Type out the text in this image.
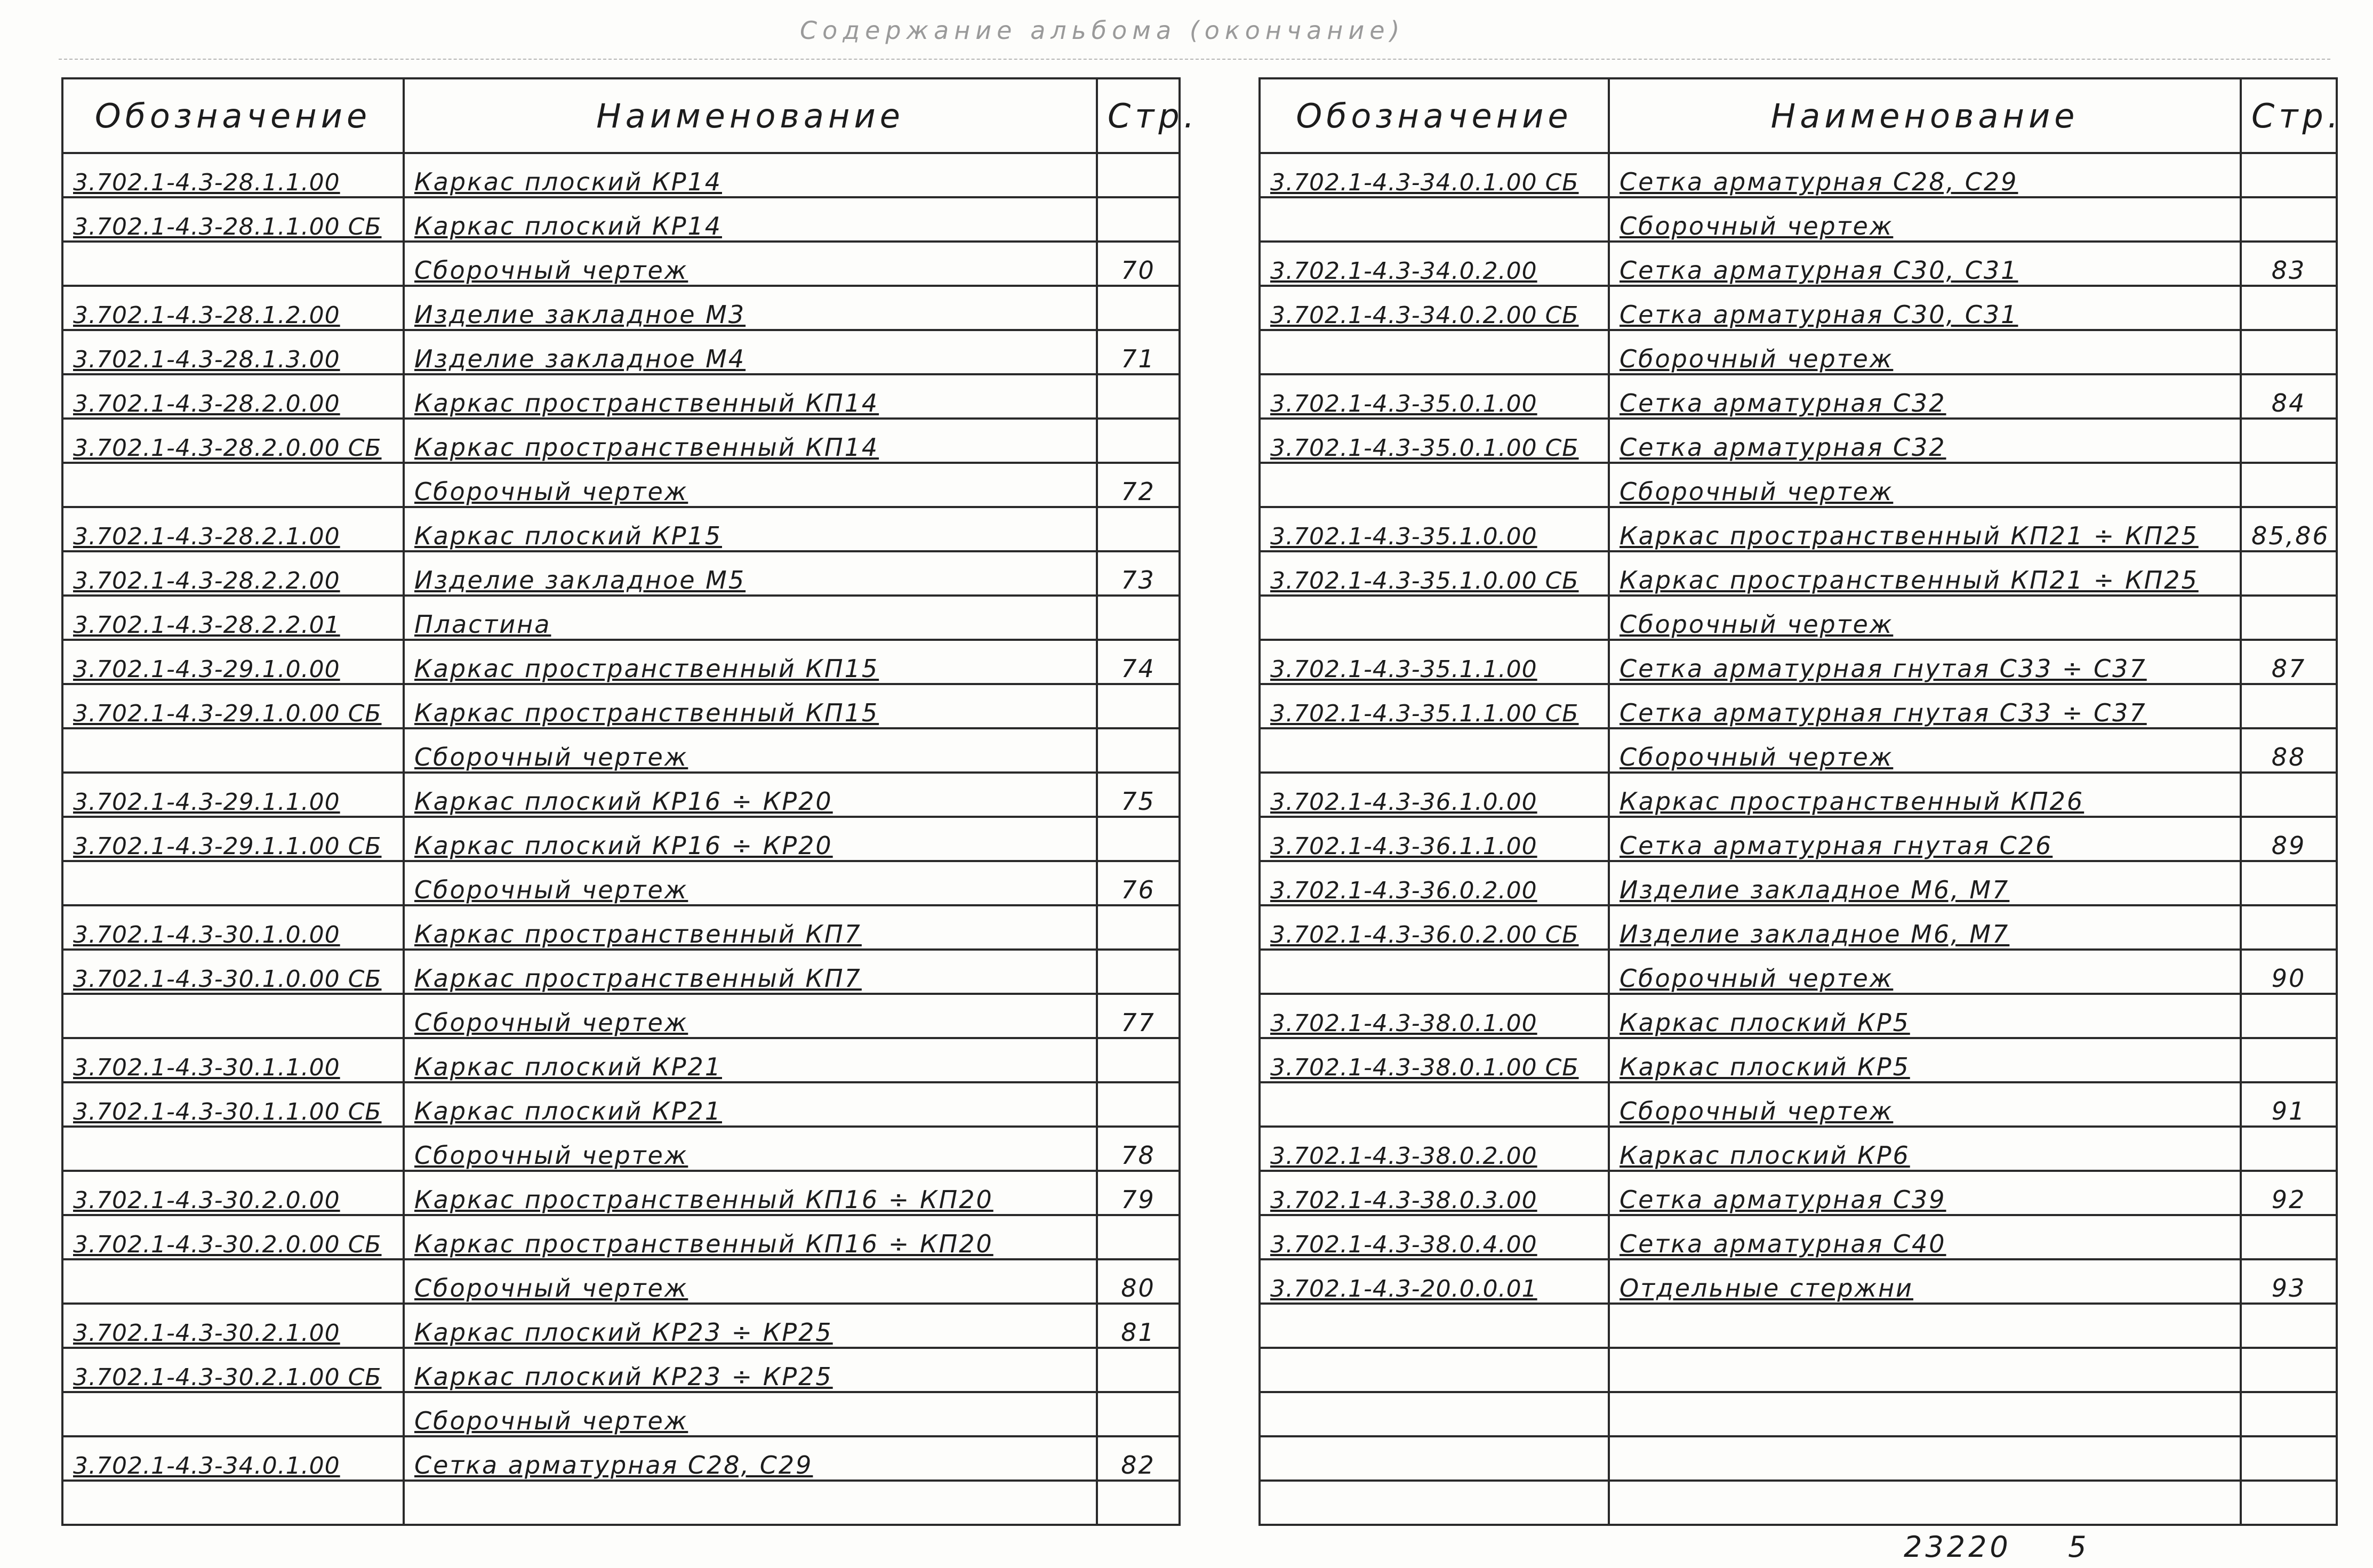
Содержание альбома (окончание)
Обозначение	Наименование	Стр.
3.702.1-4.3-28.1.1.00	Каркас плоский КР14	
3.702.1-4.3-28.1.1.00 СБ	Каркас плоский КР14	
	Сборочный чертеж	70
3.702.1-4.3-28.1.2.00	Изделие закладное М3	
3.702.1-4.3-28.1.3.00	Изделие закладное М4	71
3.702.1-4.3-28.2.0.00	Каркас пространственный КП14	
3.702.1-4.3-28.2.0.00 СБ	Каркас пространственный КП14	
	Сборочный чертеж	72
3.702.1-4.3-28.2.1.00	Каркас плоский КР15	
3.702.1-4.3-28.2.2.00	Изделие закладное М5	73
3.702.1-4.3-28.2.2.01	Пластина	
3.702.1-4.3-29.1.0.00	Каркас пространственный КП15	74
3.702.1-4.3-29.1.0.00 СБ	Каркас пространственный КП15	
	Сборочный чертеж	
3.702.1-4.3-29.1.1.00	Каркас плоский КР16 ÷ КР20	75
3.702.1-4.3-29.1.1.00 СБ	Каркас плоский КР16 ÷ КР20	
	Сборочный чертеж	76
3.702.1-4.3-30.1.0.00	Каркас пространственный КП7	
3.702.1-4.3-30.1.0.00 СБ	Каркас пространственный КП7	
	Сборочный чертеж	77
3.702.1-4.3-30.1.1.00	Каркас плоский КР21	
3.702.1-4.3-30.1.1.00 СБ	Каркас плоский КР21	
	Сборочный чертеж	78
3.702.1-4.3-30.2.0.00	Каркас пространственный КП16 ÷ КП20	79
3.702.1-4.3-30.2.0.00 СБ	Каркас пространственный КП16 ÷ КП20	
	Сборочный чертеж	80
3.702.1-4.3-30.2.1.00	Каркас плоский КР23 ÷ КР25	81
3.702.1-4.3-30.2.1.00 СБ	Каркас плоский КР23 ÷ КР25	
	Сборочный чертеж	
3.702.1-4.3-34.0.1.00	Сетка арматурная С28, С29	82

Обозначение	Наименование	Стр.
3.702.1-4.3-34.0.1.00 СБ	Сетка арматурная С28, С29	
	Сборочный чертеж	
3.702.1-4.3-34.0.2.00	Сетка арматурная С30, С31	83
3.702.1-4.3-34.0.2.00 СБ	Сетка арматурная С30, С31	
	Сборочный чертеж	
3.702.1-4.3-35.0.1.00	Сетка арматурная С32	84
3.702.1-4.3-35.0.1.00 СБ	Сетка арматурная С32	
	Сборочный чертеж	
3.702.1-4.3-35.1.0.00	Каркас пространственный КП21 ÷ КП25	85,86
3.702.1-4.3-35.1.0.00 СБ	Каркас пространственный КП21 ÷ КП25	
	Сборочный чертеж	
3.702.1-4.3-35.1.1.00	Сетка арматурная гнутая С33 ÷ С37	87
3.702.1-4.3-35.1.1.00 СБ	Сетка арматурная гнутая С33 ÷ С37	
	Сборочный чертеж	88
3.702.1-4.3-36.1.0.00	Каркас пространственный КП26	
3.702.1-4.3-36.1.1.00	Сетка арматурная гнутая С26	89
3.702.1-4.3-36.0.2.00	Изделие закладное М6, М7	
3.702.1-4.3-36.0.2.00 СБ	Изделие закладное М6, М7	
	Сборочный чертеж	90
3.702.1-4.3-38.0.1.00	Каркас плоский КР5	
3.702.1-4.3-38.0.1.00 СБ	Каркас плоский КР5	
	Сборочный чертеж	91
3.702.1-4.3-38.0.2.00	Каркас плоский КР6	
3.702.1-4.3-38.0.3.00	Сетка арматурная С39	92
3.702.1-4.3-38.0.4.00	Сетка арматурная С40	
3.702.1-4.3-20.0.0.01	Отдельные стержни	93

23220 5
